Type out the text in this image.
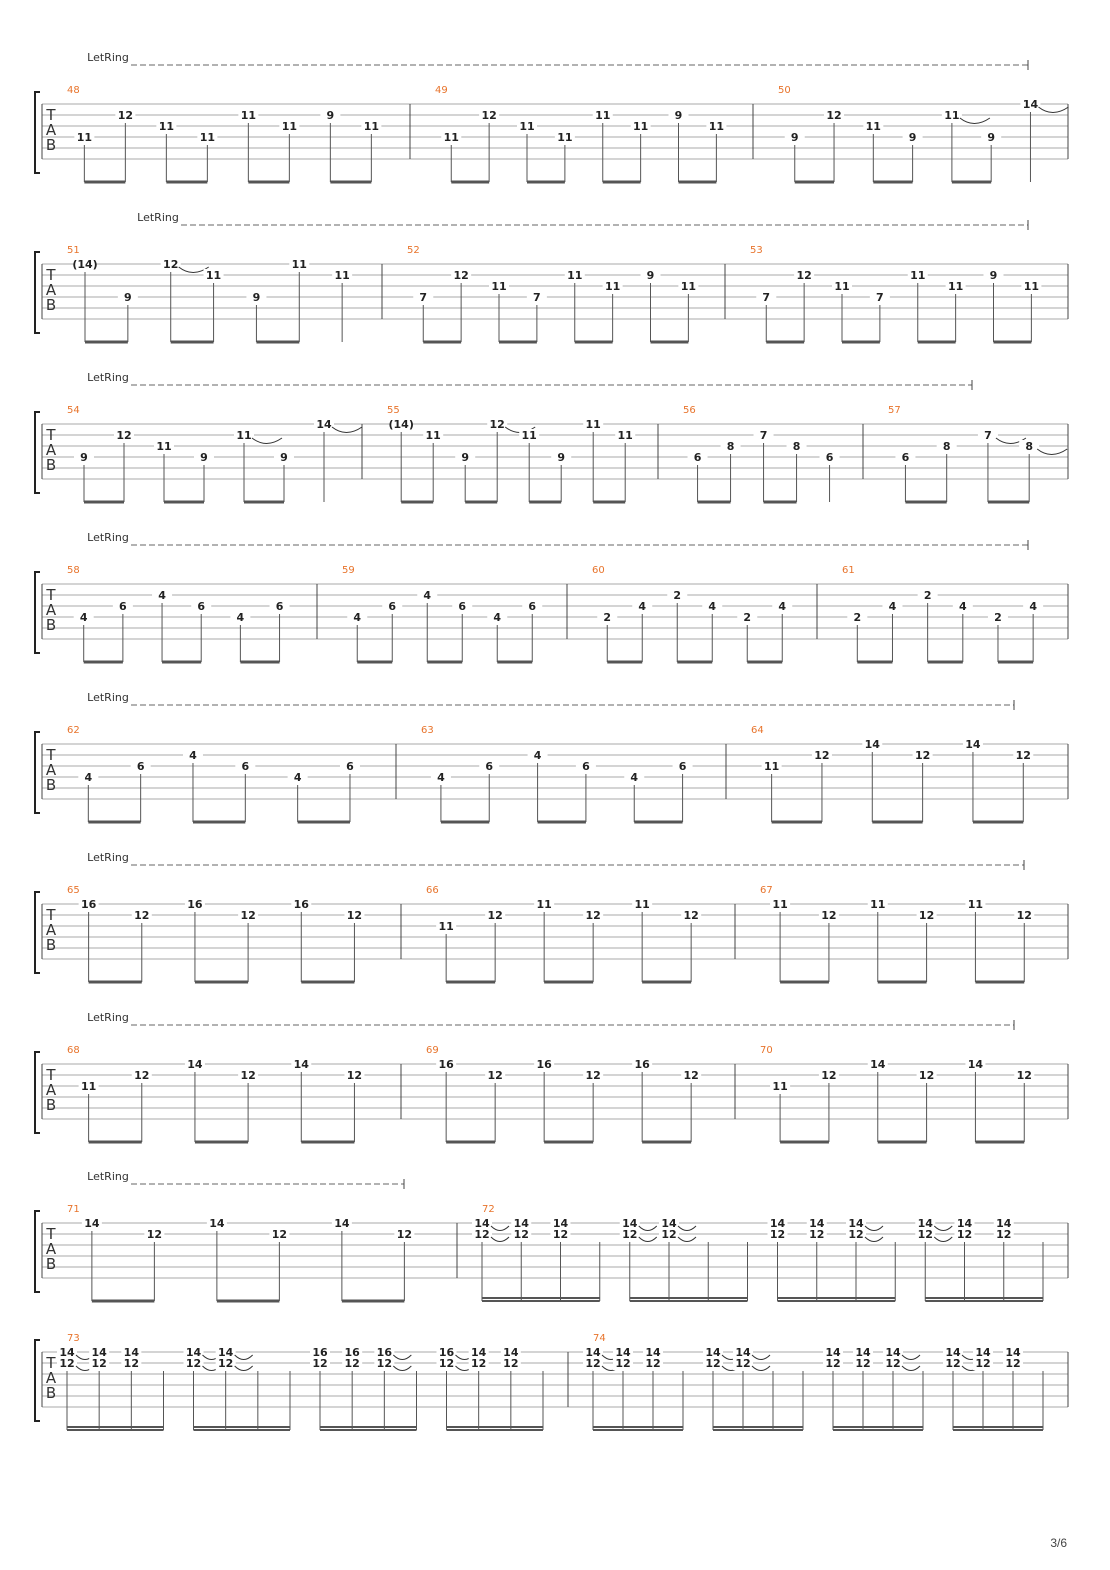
LetRing
T
A
B
48
11
12
11
11
11
11
9
11
49
11
12
11
11
11
11
9
11
50
9
12
11
9
11
9
14
LetRing
T
A
B
51
(14)
9
12
11
9
11
11
52
7
12
11
7
11
11
9
11
53
7
12
11
7
11
11
9
11
LetRing
T
A
B
54
9
12
11
9
11
9
14
55
(14)
11
9
12
11
9
11
11
56
6
8
7
8
6
57
6
8
7
8
LetRing
T
A
B
58
4
6
4
6
4
6
59
4
6
4
6
4
6
60
2
4
2
4
2
4
61
2
4
2
4
2
4
LetRing
T
A
B
62
4
6
4
6
4
6
63
4
6
4
6
4
6
64
11
12
14
12
14
12
LetRing
T
A
B
65
16
12
16
12
16
12
66
11
12
11
12
11
12
67
11
12
11
12
11
12
LetRing
T
A
B
68
11
12
14
12
14
12
69
16
12
16
12
16
12
70
11
12
14
12
14
12
LetRing
T
A
B
71
14
12
14
12
14
12
72
14
12
14
12
14
12
14
12
14
12
14
12
14
12
14
12
14
12
14
12
14
12
T
A
B
73
14
12
14
12
14
12
14
12
14
12
16
12
16
12
16
12
16
12
14
12
14
12
74
14
12
14
12
14
12
14
12
14
12
14
12
14
12
14
12
14
12
14
12
14
12
3/6
